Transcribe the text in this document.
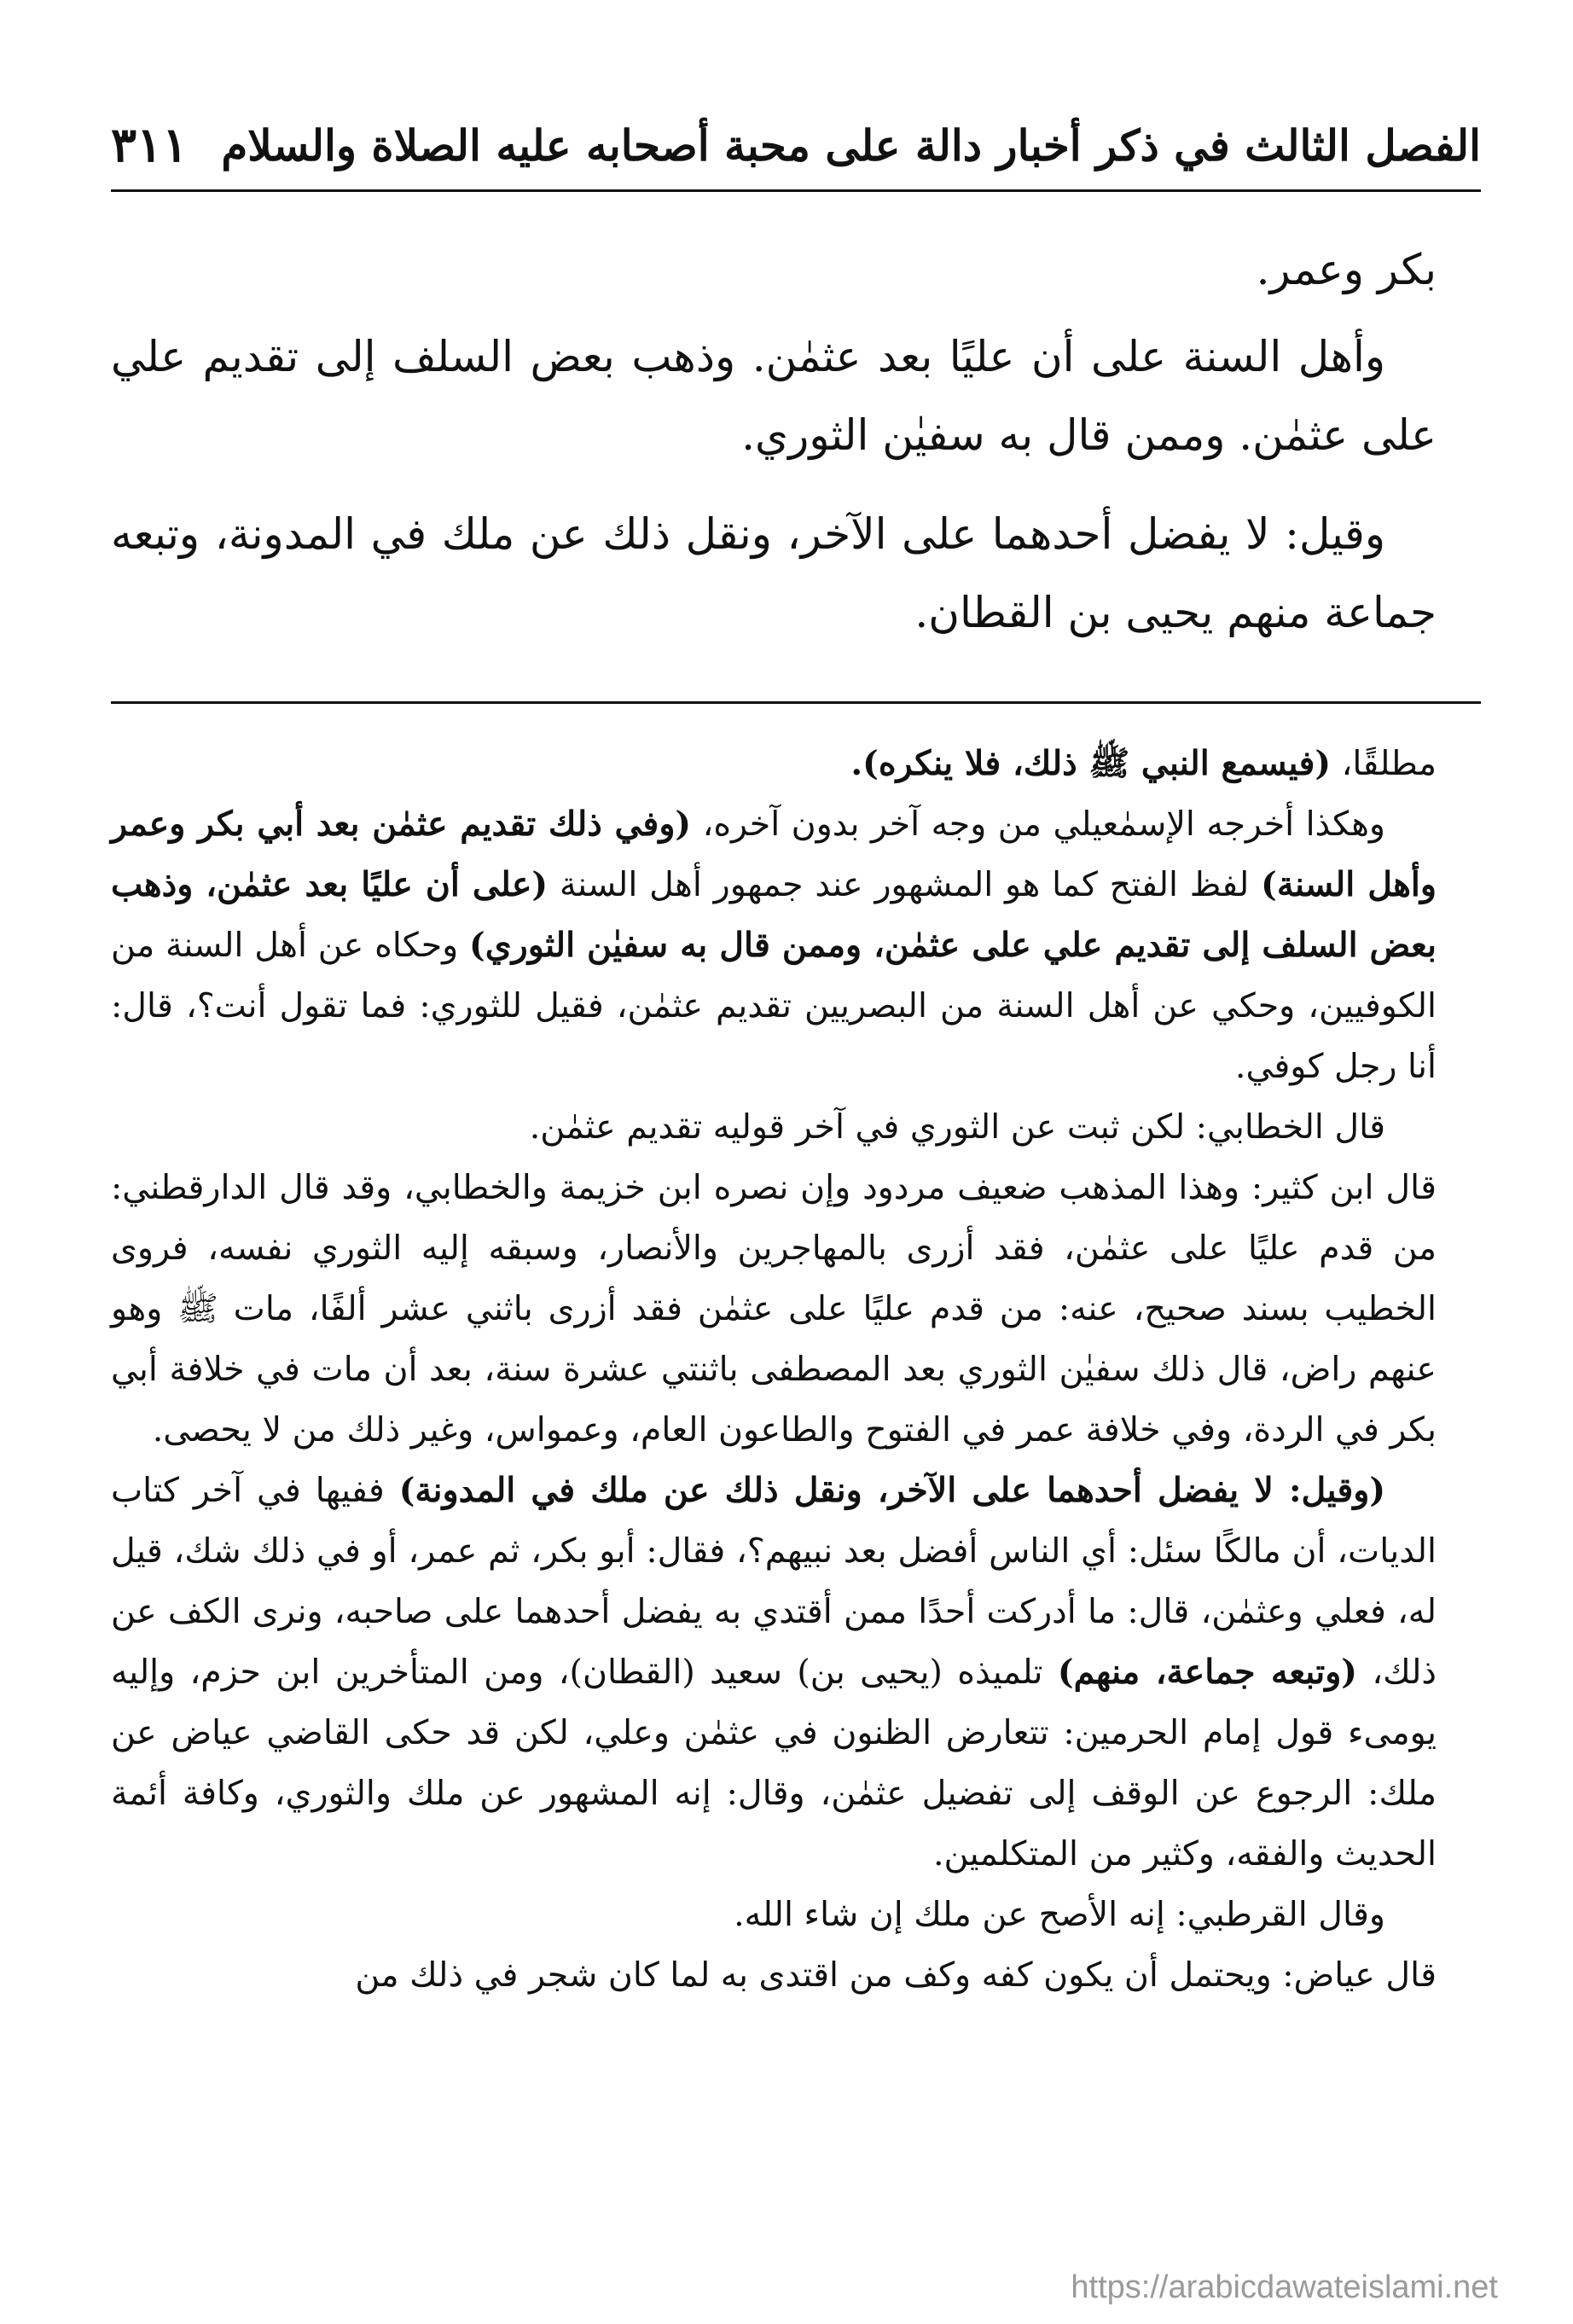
الفصل الثالث في ذكر أخبار دالة على محبة أصحابه عليه الصلاة والسلام
٣١١

بكر وعمر.

وأهل السنة على أن عليًا بعد عثمٰن. وذهب بعض السلف إلى تقديم علي على عثمٰن. وممن قال به سفيٰن الثوري.

وقيل: لا يفضل أحدهما على الآخر، ونقل ذلك عن ملك في المدونة، وتبعه جماعة منهم يحيى بن القطان.

مطلقًا، (فيسمع النبي ﷺ ذلك، فلا ينكره).

وهكذا أخرجه الإسمٰعيلي من وجه آخر بدون آخره، (وفي ذلك تقديم عثمٰن بعد أبي بكر وعمر وأهل السنة) لفظ الفتح كما هو المشهور عند جمهور أهل السنة (على أن عليًا بعد عثمٰن، وذهب بعض السلف إلى تقديم علي على عثمٰن، وممن قال به سفيٰن الثوري) وحكاه عن أهل السنة من الكوفيين، وحكي عن أهل السنة من البصريين تقديم عثمٰن، فقيل للثوري: فما تقول أنت؟، قال: أنا رجل كوفي.

قال الخطابي: لكن ثبت عن الثوري في آخر قوليه تقديم عثمٰن.

قال ابن كثير: وهذا المذهب ضعيف مردود وإن نصره ابن خزيمة والخطابي، وقد قال الدارقطني: من قدم عليًا على عثمٰن، فقد أزرى بالمهاجرين والأنصار، وسبقه إليه الثوري نفسه، فروى الخطيب بسند صحيح، عنه: من قدم عليًا على عثمٰن فقد أزرى باثني عشر ألفًا، مات ﷺ وهو عنهم راض، قال ذلك سفيٰن الثوري بعد المصطفى باثنتي عشرة سنة، بعد أن مات في خلافة أبي بكر في الردة، وفي خلافة عمر في الفتوح والطاعون العام، وعمواس، وغير ذلك من لا يحصى.

(وقيل: لا يفضل أحدهما على الآخر، ونقل ذلك عن ملك في المدونة) ففيها في آخر كتاب الديات، أن مالكًا سئل: أي الناس أفضل بعد نبيهم؟، فقال: أبو بكر، ثم عمر، أو في ذلك شك، قيل له، فعلي وعثمٰن، قال: ما أدركت أحدًا ممن أقتدي به يفضل أحدهما على صاحبه، ونرى الكف عن ذلك، (وتبعه جماعة، منهم) تلميذه (يحيى بن) سعيد (القطان)، ومن المتأخرين ابن حزم، وإليه يومىء قول إمام الحرمين: تتعارض الظنون في عثمٰن وعلي، لكن قد حكى القاضي عياض عن ملك: الرجوع عن الوقف إلى تفضيل عثمٰن، وقال: إنه المشهور عن ملك والثوري، وكافة أئمة الحديث والفقه، وكثير من المتكلمين.

وقال القرطبي: إنه الأصح عن ملك إن شاء الله.

قال عياض: ويحتمل أن يكون كفه وكف من اقتدى به لما كان شجر في ذلك من

https://arabicdawateislami.net
